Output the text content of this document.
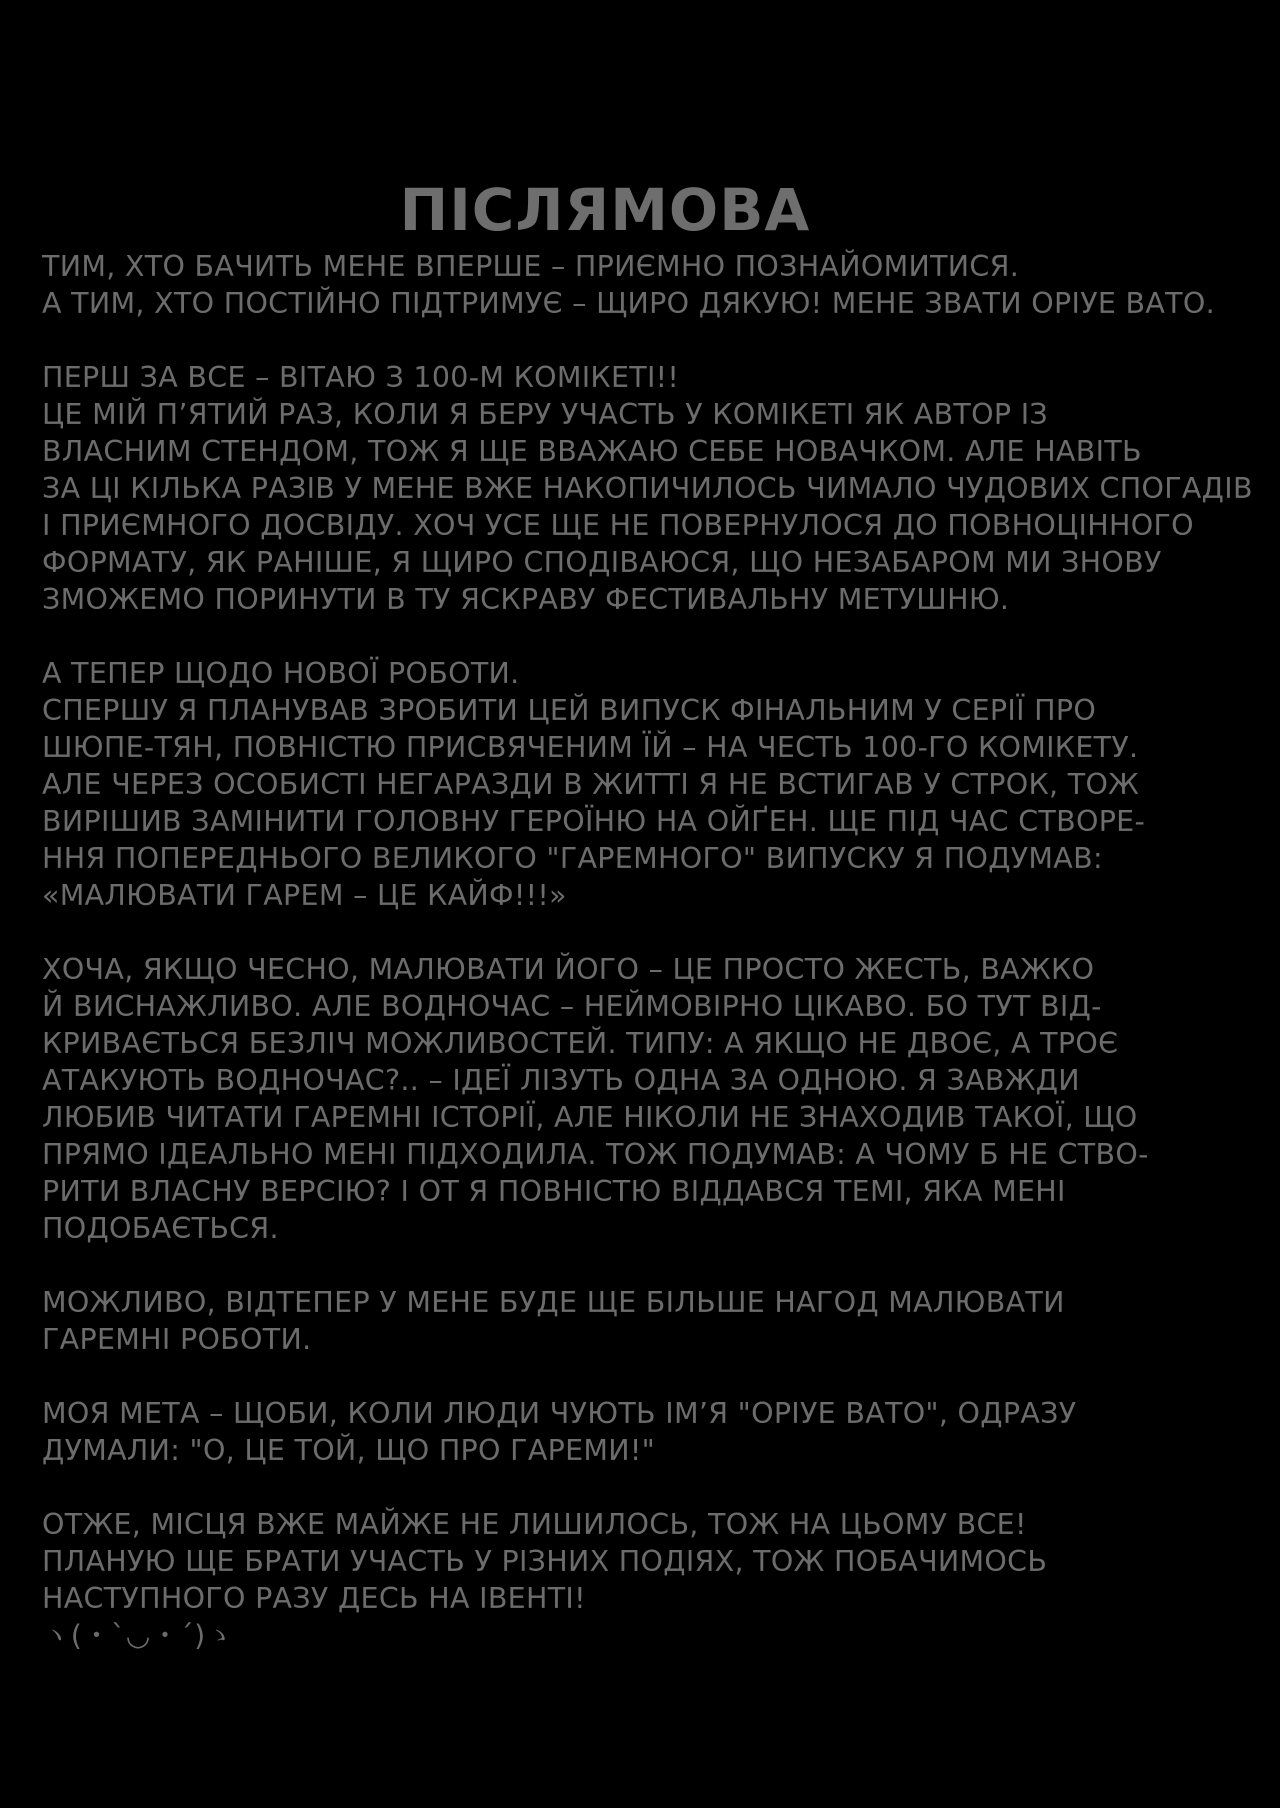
ПІСЛЯМОВА
ТИМ, ХТО БАЧИТЬ МЕНЕ ВПЕРШЕ – ПРИЄМНО ПОЗНАЙОМИТИСЯ.
А ТИМ, ХТО ПОСТІЙНО ПІДТРИМУЄ – ЩИРО ДЯКУЮ! МЕНЕ ЗВАТИ ОРІУЕ ВАТО.
ПЕРШ ЗА ВСЕ – ВІТАЮ З 100-М КОМІКЕТІ!!
ЦЕ МІЙ П’ЯТИЙ РАЗ, КОЛИ Я БЕРУ УЧАСТЬ У КОМІКЕТІ ЯК АВТОР ІЗ
ВЛАСНИМ СТЕНДОМ, ТОЖ Я ЩЕ ВВАЖАЮ СЕБЕ НОВАЧКОМ. АЛЕ НАВІТЬ
ЗА ЦІ КІЛЬКА РАЗІВ У МЕНЕ ВЖЕ НАКОПИЧИЛОСЬ ЧИМАЛО ЧУДОВИХ СПОГАДІВ
І ПРИЄМНОГО ДОСВІДУ. ХОЧ УСЕ ЩЕ НЕ ПОВЕРНУЛОСЯ ДО ПОВНОЦІННОГО
ФОРМАТУ, ЯК РАНІШЕ, Я ЩИРО СПОДІВАЮСЯ, ЩО НЕЗАБАРОМ МИ ЗНОВУ
ЗМОЖЕМО ПОРИНУТИ В ТУ ЯСКРАВУ ФЕСТИВАЛЬНУ МЕТУШНЮ.
А ТЕПЕР ЩОДО НОВОЇ РОБОТИ.
СПЕРШУ Я ПЛАНУВАВ ЗРОБИТИ ЦЕЙ ВИПУСК ФІНАЛЬНИМ У СЕРІЇ ПРО
ШЮПЕ-ТЯН, ПОВНІСТЮ ПРИСВЯЧЕНИМ ЇЙ – НА ЧЕСТЬ 100-ГО КОМІКЕТУ.
АЛЕ ЧЕРЕЗ ОСОБИСТІ НЕГАРАЗДИ В ЖИТТІ Я НЕ ВСТИГАВ У СТРОК, ТОЖ
ВИРІШИВ ЗАМІНИТИ ГОЛОВНУ ГЕРОЇНЮ НА ОЙҐЕН. ЩЕ ПІД ЧАС СТВОРЕ-
ННЯ ПОПЕРЕДНЬОГО ВЕЛИКОГО "ГАРЕМНОГО" ВИПУСКУ Я ПОДУМАВ:
«МАЛЮВАТИ ГАРЕМ – ЦЕ КАЙФ!!!»
ХОЧА, ЯКЩО ЧЕСНО, МАЛЮВАТИ ЙОГО – ЦЕ ПРОСТО ЖЕСТЬ, ВАЖКО
Й ВИСНАЖЛИВО. АЛЕ ВОДНОЧАС – НЕЙМОВІРНО ЦІКАВО. БО ТУТ ВІД-
КРИВАЄТЬСЯ БЕЗЛІЧ МОЖЛИВОСТЕЙ. ТИПУ: А ЯКЩО НЕ ДВОЄ, А ТРОЄ
АТАКУЮТЬ ВОДНОЧАС?.. – ІДЕЇ ЛІЗУТЬ ОДНА ЗА ОДНОЮ. Я ЗАВЖДИ
ЛЮБИВ ЧИТАТИ ГАРЕМНІ ІСТОРІЇ, АЛЕ НІКОЛИ НЕ ЗНАХОДИВ ТАКОЇ, ЩО
ПРЯМО ІДЕАЛЬНО МЕНІ ПІДХОДИЛА. ТОЖ ПОДУМАВ: А ЧОМУ Б НЕ СТВО-
РИТИ ВЛАСНУ ВЕРСІЮ? І ОТ Я ПОВНІСТЮ ВІДДАВСЯ ТЕМІ, ЯКА МЕНІ
ПОДОБАЄТЬСЯ.
МОЖЛИВО, ВІДТЕПЕР У МЕНЕ БУДЕ ЩЕ БІЛЬШЕ НАГОД МАЛЮВАТИ
ГАРЕМНІ РОБОТИ.
МОЯ МЕТА – ЩОБИ, КОЛИ ЛЮДИ ЧУЮТЬ ІМ’Я "ОРІУЕ ВАТО", ОДРАЗУ
ДУМАЛИ: "О, ЦЕ ТОЙ, ЩО ПРО ГАРЕМИ!"
ОТЖЕ, МІСЦЯ ВЖЕ МАЙЖЕ НЕ ЛИШИЛОСЬ, ТОЖ НА ЦЬОМУ ВСЕ!
ПЛАНУЮ ЩЕ БРАТИ УЧАСТЬ У РІЗНИХ ПОДІЯХ, ТОЖ ПОБАЧИМОСЬ
НАСТУПНОГО РАЗУ ДЕСЬ НА ІВЕНТІ!
ヽ(・`◡・´)ゝ
